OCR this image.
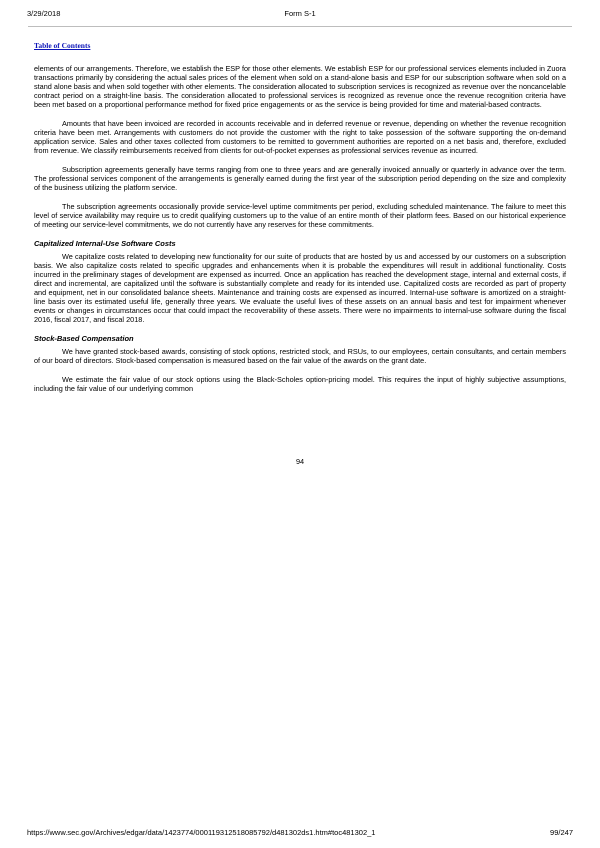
3/29/2018	Form S-1
Table of Contents

elements of our arrangements. Therefore, we establish the ESP for those other elements. We establish ESP for our professional services elements included in Zuora transactions primarily by considering the actual sales prices of the element when sold on a stand-alone basis and ESP for our subscription software when sold on a stand alone basis and when sold together with other elements. The consideration allocated to subscription services is recognized as revenue over the noncancelable contract period on a straight-line basis. The consideration allocated to professional services is recognized as revenue once the revenue recognition criteria have been met based on a proportional performance method for fixed price engagements or as the service is being provided for time and material-based contracts.

Amounts that have been invoiced are recorded in accounts receivable and in deferred revenue or revenue, depending on whether the revenue recognition criteria have been met. Arrangements with customers do not provide the customer with the right to take possession of the software supporting the on-demand application service. Sales and other taxes collected from customers to be remitted to government authorities are reported on a net basis and, therefore, excluded from revenue. We classify reimbursements received from clients for out-of-pocket expenses as professional services revenue as incurred.

Subscription agreements generally have terms ranging from one to three years and are generally invoiced annually or quarterly in advance over the term. The professional services component of the arrangements is generally earned during the first year of the subscription period depending on the size and complexity of the business utilizing the platform service.

The subscription agreements occasionally provide service-level uptime commitments per period, excluding scheduled maintenance. The failure to meet this level of service availability may require us to credit qualifying customers up to the value of an entire month of their platform fees. Based on our historical experience of meeting our service-level commitments, we do not currently have any reserves for these commitments.

Capitalized Internal-Use Software Costs

We capitalize costs related to developing new functionality for our suite of products that are hosted by us and accessed by our customers on a subscription basis. We also capitalize costs related to specific upgrades and enhancements when it is probable the expenditures will result in additional functionality. Costs incurred in the preliminary stages of development are expensed as incurred. Once an application has reached the development stage, internal and external costs, if direct and incremental, are capitalized until the software is substantially complete and ready for its intended use. Capitalized costs are recorded as part of property and equipment, net in our consolidated balance sheets. Maintenance and training costs are expensed as incurred. Internal-use software is amortized on a straight-line basis over its estimated useful life, generally three years. We evaluate the useful lives of these assets on an annual basis and test for impairment whenever events or changes in circumstances occur that could impact the recoverability of these assets. There were no impairments to internal-use software during the fiscal 2016, fiscal 2017, and fiscal 2018.

Stock-Based Compensation

We have granted stock-based awards, consisting of stock options, restricted stock, and RSUs, to our employees, certain consultants, and certain members of our board of directors. Stock-based compensation is measured based on the fair value of the awards on the grant date.

We estimate the fair value of our stock options using the Black-Scholes option-pricing model. This requires the input of highly subjective assumptions, including the fair value of our underlying common

94
https://www.sec.gov/Archives/edgar/data/1423774/000119312518085792/d481302ds1.htm#toc481302_1	99/247
